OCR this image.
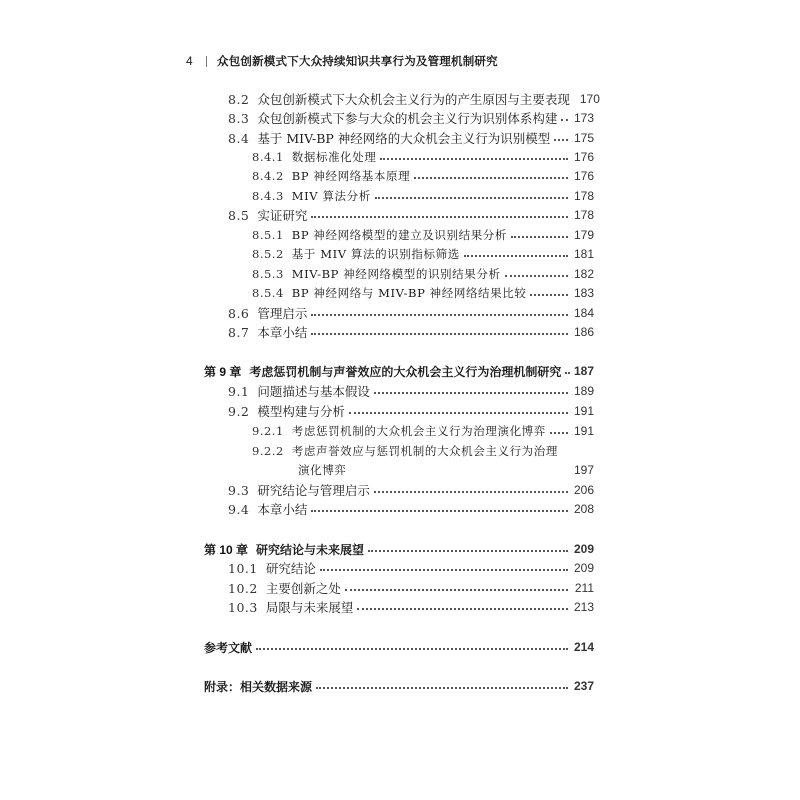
4	众包创新模式下大众持续知识共享行为及管理机制研究
8.2 众包创新模式下大众机会主义行为的产生原因与主要表现 170
8.3 众包创新模式下参与大众的机会主义行为识别体系构建 173
8.4 基于 MIV-BP 神经网络的大众机会主义行为识别模型 175
8.4.1 数据标准化处理	176
8.4.2 BP 神经网络基本原理	176
8.4.3 MIV 算法分析	178
8.5 实证研究	178
8.5.1 BP 神经网络模型的建立及识别结果分析	179
8.5.2 基于 MIV 算法的识别指标筛选	181
8.5.3 MIV-BP 神经网络模型的识别结果分析	182
8.5.4 BP 神经网络与 MIV-BP 神经网络结果比较	183
8.6 管理启示	184
8.7 本章小结	186
第 9 章 考虑惩罚机制与声誉效应的大众机会主义行为治理机制研究 187
9.1 问题描述与基本假设	189
9.2 模型构建与分析	191
9.2.1 考虑惩罚机制的大众机会主义行为治理演化博弈 191
9.2.2 考虑声誉效应与惩罚机制的大众机会主义行为治理
演化博弈	197
9.3 研究结论与管理启示	206
9.4 本章小结	208
第 10 章 研究结论与未来展望	209
10.1 研究结论	209
10.2 主要创新之处	211
10.3 局限与未来展望	213
参考文献	214
附录：相关数据来源	237
